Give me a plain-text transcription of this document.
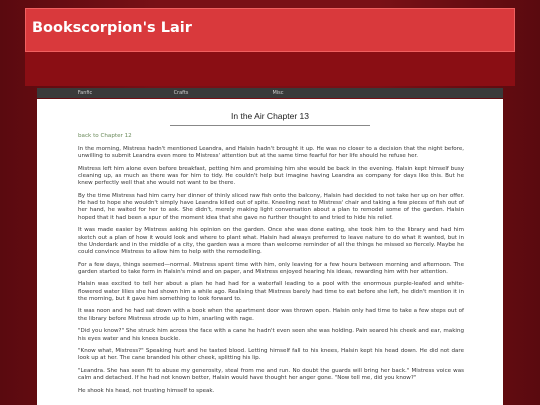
Bookscorpion's Lair
Fanfic	Crafts	Misc
In the Air Chapter 13
back to Chapter 12

In the morning, Mistress hadn't mentioned Leandra, and Halsin hadn't brought it up. He was no closer to a decision that the night before, unwilling to submit Leandra even more to Mistress' attention but at the same time fearful for her life should he refuse her.

Mistress left him alone even before breakfast, petting him and promising him she would be back in the evening. Halsin kept himself busy cleaning up, as much as there was for him to tidy. He couldn't help but imagine having Leandra as company for days like this. But he knew perfectly well that she would not want to be there.

By the time Mistress had him carry her dinner of thinly sliced raw fish onto the balcony, Halsin had decided to not take her up on her offer. He had to hope she wouldn't simply have Leandra killed out of spite. Kneeling next to Mistress' chair and taking a few pieces of fish out of her hand, he waited for her to ask. She didn't, merely making light conversation about a plan to remodel some of the garden. Halsin hoped that it had been a spur of the moment idea that she gave no further thought to and tried to hide his relief.

It was made easier by Mistress asking his opinion on the garden. Once she was done eating, she took him to the library and had him sketch out a plan of how it would look and where to plant what. Halsin had always preferred to leave nature to do what it wanted, but in the Underdark and in the middle of a city, the garden was a more than welcome reminder of all the things he missed so fiercely. Maybe he could convince Mistress to allow him to help with the remodelling.

For a few days, things seemed—normal. Mistress spent time with him, only leaving for a few hours between morning and afternoon. The garden started to take form in Halsin's mind and on paper, and Mistress enjoyed hearing his ideas, rewarding him with her attention.

Halsin was excited to tell her about a plan he had had for a waterfall leading to a pool with the enormous purple-leafed and white-flowered water lilies she had shown him a while ago. Realising that Mistress barely had time to eat before she left, he didn't mention it in the morning, but it gave him something to look forward to.

It was noon and he had sat down with a book when the apartment door was thrown open. Halsin only had time to take a few steps out of the library before Mistress strode up to him, snarling with rage.

"Did you know?" She struck him across the face with a cane he hadn't even seen she was holding. Pain seared his cheek and ear, making his eyes water and his knees buckle.

"Know what, Mistress?" Speaking hurt and he tasted blood. Letting himself fall to his knees, Halsin kept his head down. He did not dare look up at her. The cane branded his other cheek, splitting his lip.

"Leandra. She has seen fit to abuse my generosity, steal from me and run. No doubt the guards will bring her back." Mistress voice was calm and detached. If he had not known better, Halsin would have thought her anger gone. "Now tell me, did you know?"

He shook his head, not trusting himself to speak.
